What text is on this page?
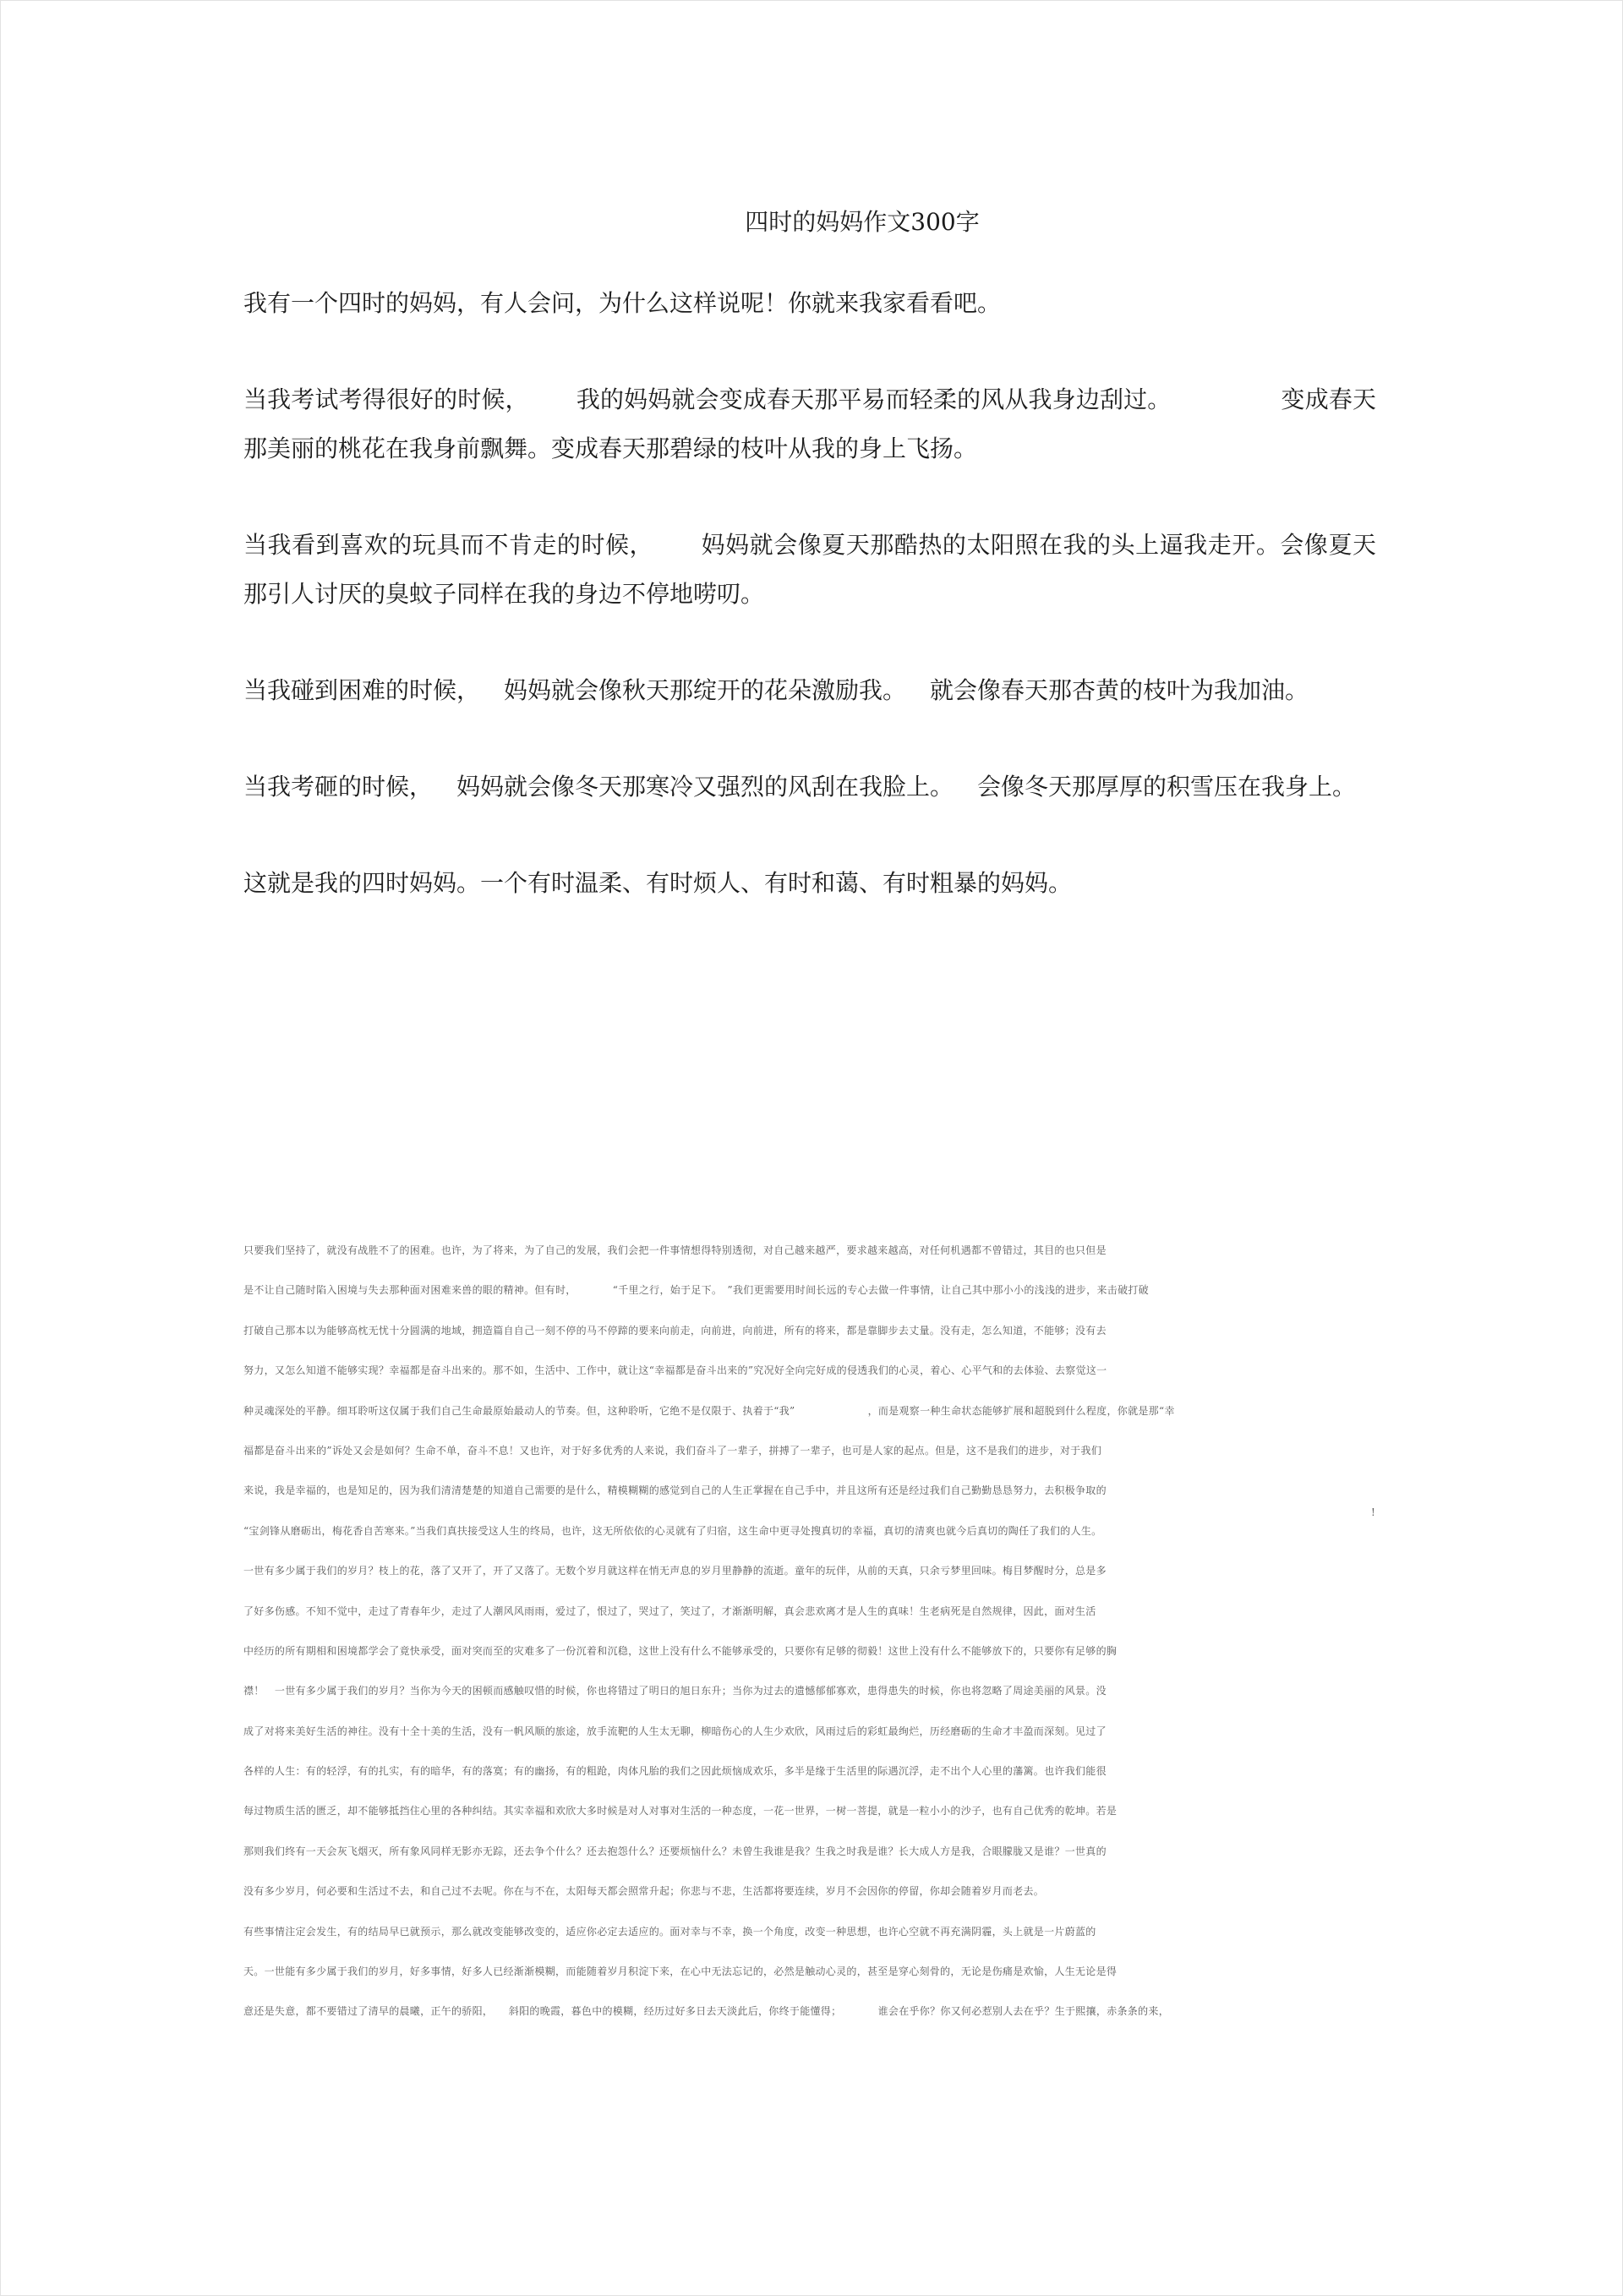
四时的妈妈作文300字

我有一个四时的妈妈，有人会问，为什么这样说呢！你就来我家看看吧。

当我考试考得很好的时候， 我的妈妈就会变成春天那平易而轻柔的风从我身边刮过。	变成春天那美丽的桃花在我身前飘舞。变成春天那碧绿的枝叶从我的身上飞扬。

当我看到喜欢的玩具而不肯走的时候， 妈妈就会像夏天那酷热的太阳照在我的头上逼我走开。会像夏天那引人讨厌的臭蚊子同样在我的身边不停地唠叨。

当我碰到困难的时候， 妈妈就会像秋天那绽开的花朵激励我。 就会像春天那杏黄的枝叶为我加油。

当我考砸的时候， 妈妈就会像冬天那寒冷又强烈的风刮在我脸上。 会像冬天那厚厚的积雪压在我身上。

这就是我的四时妈妈。一个有时温柔、有时烦人、有时和蔼、有时粗暴的妈妈。

只要我们坚持了，就没有战胜不了的困难。也许，为了将来，为了自己的发展，我们会把一件事情想得特别透彻，对自己越来越严，要求越来越高，对任何机遇都不曾错过，其目的也只但是
是不让自己随时陷入困境与失去那种面对困难来兽的眼的精神。但有时，　　　　“千里之行，始于足下。　”我们更需要用时间长远的专心去做一件事情，让自己其中那小小的浅浅的进步，来击破打破
打破自己那本以为能够高枕无忧十分圆满的地域，拥造篇自自己一刻不停的马不停蹄的要来向前走，向前进，向前进，所有的将来，都是靠脚步去丈量。没有走，怎么知道，不能够；没有去
努力，又怎么知道不能够实现？幸福都是奋斗出来的。那不如，生活中、工作中，就让这“幸福都是奋斗出来的”究况好全向完好成的侵透我们的心灵，着心、心平气和的去体验、去察觉这一
种灵魂深处的平静。细耳聆听这仅属于我们自己生命最原始最动人的节奏。但，这种聆听，它绝不是仅限于、执着于“我”　　　　　　　，而是观察一种生命状态能够扩展和超脱到什么程度，你就是那“幸
福都是奋斗出来的”诉处又会是如何？生命不单，奋斗不息！又也许，对于好多优秀的人来说，我们奋斗了一辈子，拼搏了一辈子，也可是人家的起点。但是，这不是我们的进步，对于我们
来说，我是幸福的，也是知足的，因为我们清清楚楚的知道自己需要的是什么，精模糊糊的感觉到自己的人生正掌握在自己手中，并且这所有还是经过我们自己勤勤恳恳努力，去积极争取的
“宝剑锋从磨砺出，梅花香自苦寒来。”当我们真扶接受这人生的终局，也许，这无所依依的心灵就有了归宿，这生命中更寻处搜真切的幸福，真切的清爽也就今后真切的陶任了我们的人生。
一世有多少属于我们的岁月？枝上的花，落了又开了，开了又落了。无数个岁月就这样在悄无声息的岁月里静静的流逝。童年的玩伴，从前的天真，只余亏梦里回味。梅目梦醒时分，总是多
了好多伤感。不知不觉中，走过了青春年少，走过了人潮风风雨雨，爱过了，恨过了，哭过了，笑过了，才渐渐明解，真会悲欢离才是人生的真味！生老病死是自然规律，因此，面对生活
中经历的所有期相和困境都学会了竟快承受，面对突而至的灾难多了一份沉着和沉稳，这世上没有什么不能够承受的，只要你有足够的彻毅！这世上没有什么不能够放下的，只要你有足够的胸
襟！　一世有多少属于我们的岁月？当你为今天的困顿而感触叹惜的时候，你也将错过了明日的旭日东升；当你为过去的遗憾郁郁寡欢，患得患失的时候，你也将忽略了周途美丽的风景。没
成了对将来美好生活的神往。没有十全十美的生活，没有一帆风顺的旅途，放手流靶的人生太无聊，柳暗伤心的人生少欢欣，风雨过后的彩虹最绚烂，历经磨砺的生命才丰盈而深刻。见过了
各样的人生：有的轻浮，有的扎实，有的暗华，有的落寞；有的幽扬，有的粗跄，肉体凡胎的我们之因此烦恼成欢乐，多半是缘于生活里的际遇沉浮，走不出个人心里的藩篱。也许我们能很
每过物质生活的匮乏，却不能够抵挡住心里的各种纠结。其实幸福和欢欣大多时候是对人对事对生活的一种态度，一花一世界，一树一菩提，就是一粒小小的沙子，也有自己优秀的乾坤。若是
那则我们终有一天会灰飞烟灭，所有象风同样无影亦无踪，还去争个什么？还去抱怨什么？还要烦恼什么？未曾生我谁是我？生我之时我是谁？长大成人方是我，合眼朦胧又是谁？一世真的
没有多少岁月，何必要和生活过不去，和自己过不去呢。你在与不在，太阳每天都会照常升起；你悲与不悲，生活都将要连续，岁月不会因你的停留，你却会随着岁月而老去。
有些事情注定会发生，有的结局早已就预示，那么就改变能够改变的，适应你必定去适应的。面对幸与不幸，换一个角度，改变一种思想，也许心空就不再充满阴霾，头上就是一片蔚蓝的
天。一世能有多少属于我们的岁月，好多事情，好多人已经渐渐模糊，而能随着岁月积淀下来，在心中无法忘记的，必然是触动心灵的，甚至是穿心刻骨的，无论是伤痛是欢愉，人生无论是得
意还是失意，都不要错过了清早的晨曦，正午的骄阳，　　斜阳的晚霞，暮色中的模糊，经历过好多日去天淡此后，你终于能懂得；　　　　谁会在乎你？你又何必惹别人去在乎？生于熙攘，赤条条的来，
!
